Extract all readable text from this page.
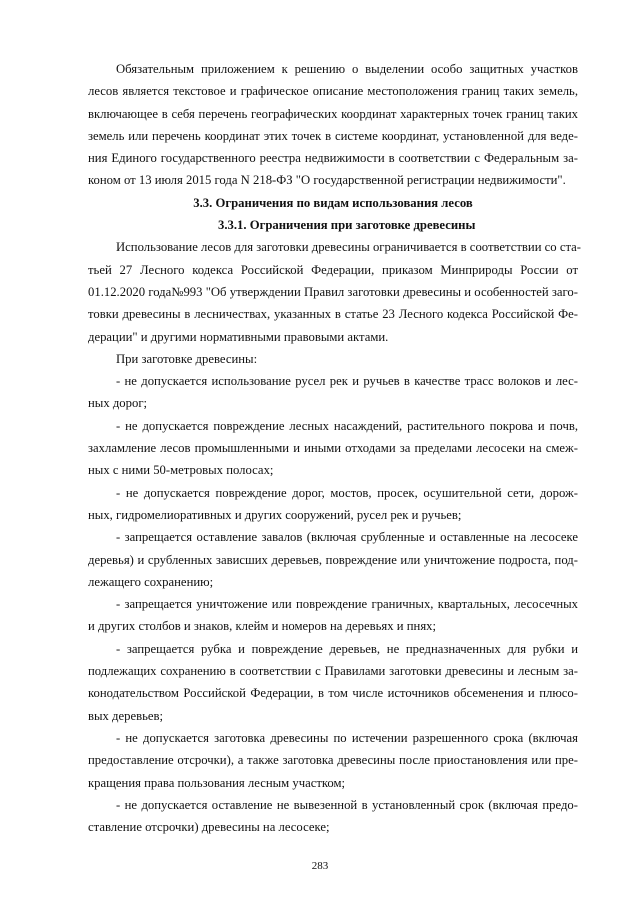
Обязательным приложением к решению о выделении особо защитных участков
лесов является текстовое и графическое описание местоположения границ таких земель,
включающее в себя перечень географических координат характерных точек границ таких
земель или перечень координат этих точек в системе координат, установленной для веде-
ния Единого государственного реестра недвижимости в соответствии с Федеральным за-
коном от 13 июля 2015 года N 218-ФЗ "О государственной регистрации недвижимости".
3.3. Ограничения по видам использования лесов
3.3.1. Ограничения при заготовке древесины
Использование лесов для заготовки древесины ограничивается в соответствии со ста-
тьей 27 Лесного кодекса Российской Федерации, приказом Минприроды России от
01.12.2020 года№993 "Об утверждении Правил заготовки древесины и особенностей заго-
товки древесины в лесничествах, указанных в статье 23 Лесного кодекса Российской Фе-
дерации" и другими нормативными правовыми актами.
При заготовке древесины:
- не допускается использование русел рек и ручьев в качестве трасс волоков и лес-
ных дорог;
- не допускается повреждение лесных насаждений, растительного покрова и почв,
захламление лесов промышленными и иными отходами за пределами лесосеки на смеж-
ных с ними 50-метровых полосах;
- не допускается повреждение дорог, мостов, просек, осушительной сети, дорож-
ных, гидромелиоративных и других сооружений, русел рек и ручьев;
- запрещается оставление завалов (включая срубленные и оставленные на лесосеке
деревья) и срубленных зависших деревьев, повреждение или уничтожение подроста, под-
лежащего сохранению;
- запрещается уничтожение или повреждение граничных, квартальных, лесосечных
и других столбов и знаков, клейм и номеров на деревьях и пнях;
- запрещается рубка и повреждение деревьев, не предназначенных для рубки и
подлежащих сохранению в соответствии с Правилами заготовки древесины и лесным за-
конодательством Российской Федерации, в том числе источников обсеменения и плюсо-
вых деревьев;
- не допускается заготовка древесины по истечении разрешенного срока (включая
предоставление отсрочки), а также заготовка древесины после приостановления или пре-
кращения права пользования лесным участком;
- не допускается оставление не вывезенной в установленный срок (включая предо-
ставление отсрочки) древесины на лесосеке;
283
